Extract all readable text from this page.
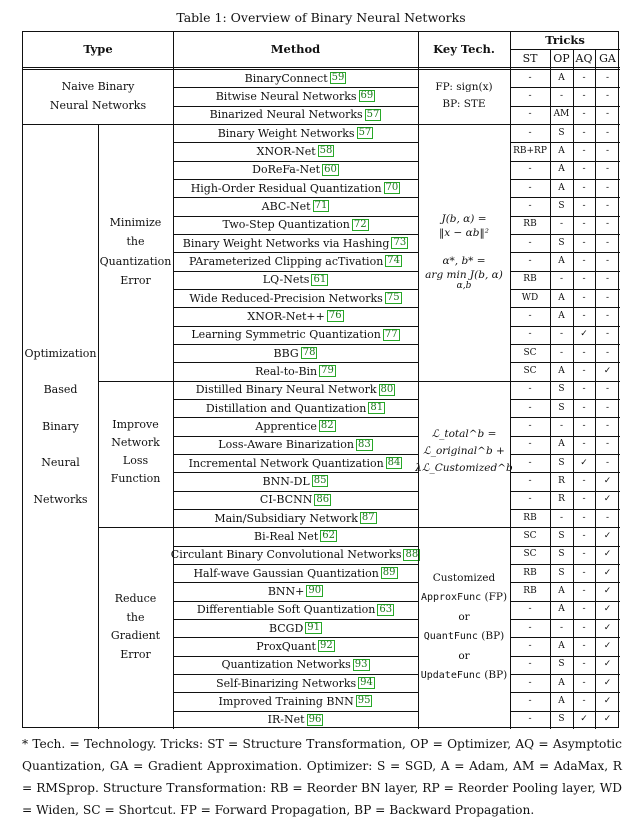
Table 1: Overview of Binary Neural Networks
Type	Method	Key Tech.
Tricks
ST	OP AQ GA
Naive Binary
Neural Networks
FP: sign(x)
BP: STE
Optimization
Based
Binary
Neural
Networks
Minimize
the
Quantization
Error
Improve
Network
Loss
Function
Reduce
the
Gradient
Error
J(b, α) =
‖x − αb‖²
α*, b* =
arg min J(b, α)
α,b
ℒ_total^b =
ℒ_original^b +
λℒ_Customized^b
Customized
ApproxFunc (FP)
or
QuantFunc (BP)
or
UpdateFunc (BP)
BinaryConnect 59	-	A	-	-
Bitwise Neural Networks 69	-	-	-	-
Binarized Neural Networks 57	-	AM	-	-
Binary Weight Networks 57	-	S	-	-
XNOR-Net 58	RB+RP	A	-	-
DoReFa-Net 60	-	A	-	-
High-Order Residual Quantization 70	-	A	-	-
ABC-Net 71	-	S	-	-
Two-Step Quantization 72	RB	-	-	-
Binary Weight Networks via Hashing 73	-	S	-	-
PArameterized Clipping acTivation 74	-	A	-	-
LQ-Nets 61	RB	-	-	-
Wide Reduced-Precision Networks 75	WD	A	-	-
XNOR-Net++ 76	-	A	-	-
Learning Symmetric Quantization 77	-	-	✓	-
BBG 78	SC	-	-	-
Real-to-Bin 79	SC	A	-	✓
Distilled Binary Neural Network 80	-	S	-	-
Distillation and Quantization 81	-	S	-	-
Apprentice 82	-	-	-	-
Loss-Aware Binarization 83	-	A	-	-
Incremental Network Quantization 84	-	S	✓	-
BNN-DL 85	-	R	-	✓
CI-BCNN 86	-	R	-	✓
Main/Subsidiary Network 87	RB	-	-	-
Bi-Real Net 62	SC	S	-	✓
Circulant Binary Convolutional Networks 88	SC	S	-	✓
Half-wave Gaussian Quantization 89	RB	S	-	✓
BNN+ 90	RB	A	-	✓
Differentiable Soft Quantization 63	-	A	-	✓
BCGD 91	-	-	-	✓
ProxQuant 92	-	A	-	✓
Quantization Networks 93	-	S	-	✓
Self-Binarizing Networks 94	-	A	-	✓
Improved Training BNN 95	-	A	-	✓
IR-Net 96	-	S	✓	✓
* Tech. = Technology. Tricks: ST = Structure Transformation, OP = Optimizer, AQ = Asymptotic Quantization, GA = Gradient Approximation. Optimizer: S = SGD, A = Adam, AM = AdaMax, R = RMSprop. Structure Transformation: RB = Reorder BN layer, RP = Reorder Pooling layer, WD = Widen, SC = Shortcut. FP = Forward Propagation, BP = Backward Propagation.
